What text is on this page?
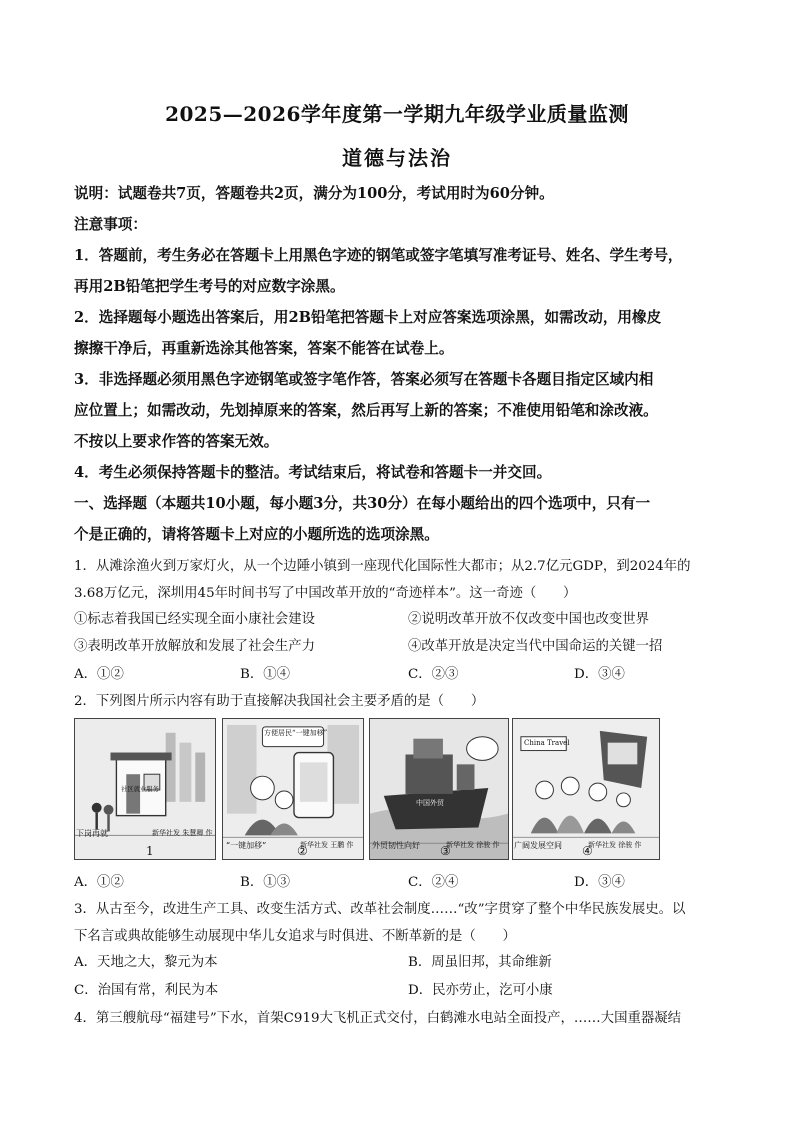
2025—2026学年度第一学期九年级学业质量监测
道德与法治
说明：试题卷共7页，答题卷共2页，满分为100分，考试用时为60分钟。
注意事项：
1．答题前，考生务必在答题卡上用黑色字迹的钢笔或签字笔填写准考证号、姓名、学生考号，
再用2B铅笔把学生考号的对应数字涂黑。
2．选择题每小题选出答案后，用2B铅笔把答题卡上对应答案选项涂黑，如需改动，用橡皮
擦擦干净后，再重新选涂其他答案，答案不能答在试卷上。
3．非选择题必须用黑色字迹钢笔或签字笔作答，答案必须写在答题卡各题目指定区域内相
应位置上；如需改动，先划掉原来的答案，然后再写上新的答案；不准使用铅笔和涂改液。
不按以上要求作答的答案无效。
4．考生必须保持答题卡的整洁。考试结束后，将试卷和答题卡一并交回。
一、选择题（本题共10小题，每小题3分，共30分）在每小题给出的四个选项中，只有一
个是正确的，请将答题卡上对应的小题所选的选项涂黑。
1．从滩涂渔火到万家灯火，从一个边陲小镇到一座现代化国际性大都市；从2.7亿元GDP，到2024年的
3.68万亿元，深圳用45年时间书写了中国改革开放的“奇迹样本”。这一奇迹（　　）
①标志着我国已经实现全面小康社会建设	②说明改革开放不仅改变中国也改变世界
③表明改革开放解放和发展了社会生产力	④改革开放是决定当代中国命运的关键一招
A．①②	B．①④	C．②③	D．③④
2．下列图片所示内容有助于直接解决我国社会主要矛盾的是（　　）
社区就业服务
下岗再就	新华社发 朱慧卿 作
1
方便居民“一键加移”
“一键加移”	新华社发 王鹏 作
②
中国外贸
外贸韧性向好	新华社发 徐骏 作
③
China Travel
广阔发展空间	新华社发 徐骏 作
④
A．①②	B．①③	C．②④	D．③④
3．从古至今，改进生产工具、改变生活方式、改革社会制度……“改”字贯穿了整个中华民族发展史。以
下名言或典故能够生动展现中华儿女追求与时俱进、不断革新的是（　　）
A．天地之大，黎元为本	B．周虽旧邦，其命维新
C．治国有常，利民为本	D．民亦劳止，汔可小康
4．第三艘航母“福建号”下水，首架C919大飞机正式交付，白鹤滩水电站全面投产，……大国重器凝结
